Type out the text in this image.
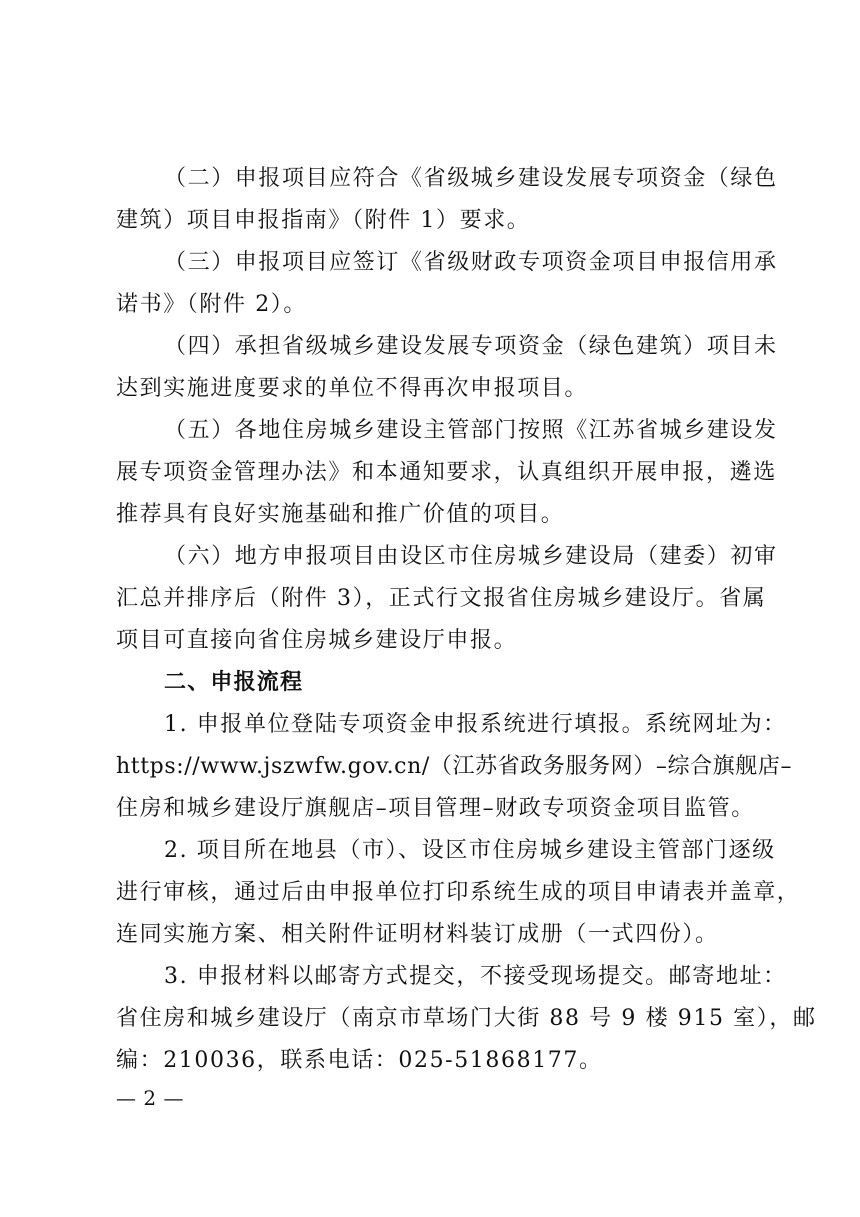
（二）申报项目应符合《省级城乡建设发展专项资金（绿色
建筑）项目申报指南》（附件 1）要求。
（三）申报项目应签订《省级财政专项资金项目申报信用承
诺书》（附件 2）。
（四）承担省级城乡建设发展专项资金（绿色建筑）项目未
达到实施进度要求的单位不得再次申报项目。
（五）各地住房城乡建设主管部门按照《江苏省城乡建设发
展专项资金管理办法》和本通知要求，认真组织开展申报，遴选
推荐具有良好实施基础和推广价值的项目。
（六）地方申报项目由设区市住房城乡建设局（建委）初审
汇总并排序后（附件 3），正式行文报省住房城乡建设厅。省属
项目可直接向省住房城乡建设厅申报。
二、申报流程
1. 申报单位登陆专项资金申报系统进行填报。系统网址为：
https://www.jszwfw.gov.cn/（江苏省政务服务网）–综合旗舰店–
住房和城乡建设厅旗舰店–项目管理–财政专项资金项目监管。
2. 项目所在地县（市）、设区市住房城乡建设主管部门逐级
进行审核，通过后由申报单位打印系统生成的项目申请表并盖章，
连同实施方案、相关附件证明材料装订成册（一式四份）。
3. 申报材料以邮寄方式提交，不接受现场提交。邮寄地址：
省住房和城乡建设厅（南京市草场门大街 88 号 9 楼 915 室），邮
编：210036，联系电话：025-51868177。
— 2 —
